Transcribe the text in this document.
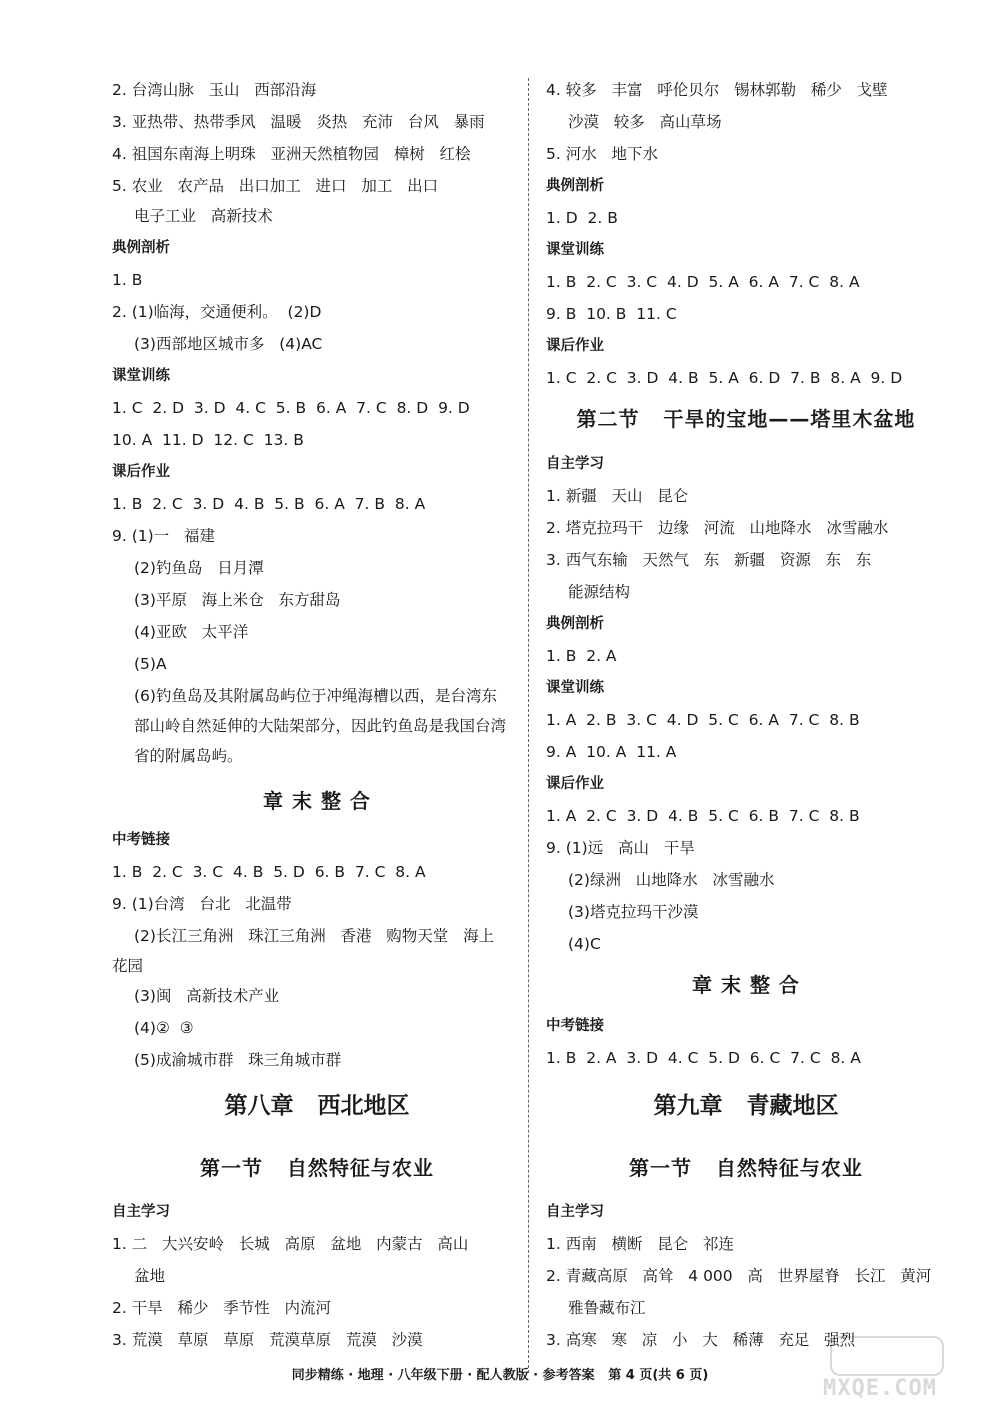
2. 台湾山脉   玉山   西部沿海
3. 亚热带、热带季风   温暖   炎热   充沛   台风   暴雨
4. 祖国东南海上明珠   亚洲天然植物园   樟树   红桧
5. 农业   农产品   出口加工   进口   加工   出口
电子工业   高新技术
典例剖析
1. B
2. (1)临海，交通便利。  (2)D
(3)西部地区城市多   (4)AC
课堂训练
1. C  2. D  3. D  4. C  5. B  6. A  7. C  8. D  9. D
10. A  11. D  12. C  13. B
课后作业
1. B  2. C  3. D  4. B  5. B  6. A  7. B  8. A
9. (1)一   福建
(2)钓鱼岛   日月潭
(3)平原   海上米仓   东方甜岛
(4)亚欧   太平洋
(5)A
(6)钓鱼岛及其附属岛屿位于冲绳海槽以西，是台湾东
部山岭自然延伸的大陆架部分，因此钓鱼岛是我国台湾
省的附属岛屿。
章 末 整 合
中考链接
1. B  2. C  3. C  4. B  5. D  6. B  7. C  8. A
9. (1)台湾   台北   北温带
(2)长江三角洲   珠江三角洲   香港   购物天堂   海上
花园
(3)闽   高新技术产业
(4)②  ③
(5)成渝城市群   珠三角城市群
第八章   西北地区
第一节   自然特征与农业
自主学习
1. 二   大兴安岭   长城   高原   盆地   内蒙古   高山
盆地
2. 干旱   稀少   季节性   内流河
3. 荒漠   草原   草原   荒漠草原   荒漠   沙漠
4. 较多   丰富   呼伦贝尔   锡林郭勒   稀少   戈壁
沙漠   较多   高山草场
5. 河水   地下水
典例剖析
1. D  2. B
课堂训练
1. B  2. C  3. C  4. D  5. A  6. A  7. C  8. A
9. B  10. B  11. C
课后作业
1. C  2. C  3. D  4. B  5. A  6. D  7. B  8. A  9. D
第二节   干旱的宝地——塔里木盆地
自主学习
1. 新疆   天山   昆仑
2. 塔克拉玛干   边缘   河流   山地降水   冰雪融水
3. 西气东输   天然气   东   新疆   资源   东   东
能源结构
典例剖析
1. B  2. A
课堂训练
1. A  2. B  3. C  4. D  5. C  6. A  7. C  8. B
9. A  10. A  11. A
课后作业
1. A  2. C  3. D  4. B  5. C  6. B  7. C  8. B
9. (1)远   高山   干旱
(2)绿洲   山地降水   冰雪融水
(3)塔克拉玛干沙漠
(4)C
章 末 整 合
中考链接
1. B  2. A  3. D  4. C  5. D  6. C  7. C  8. A
第九章   青藏地区
第一节   自然特征与农业
自主学习
1. 西南   横断   昆仑   祁连
2. 青藏高原   高耸   4 000   高   世界屋脊   长江   黄河
雅鲁藏布江
3. 高寒   寒   凉   小   大   稀薄   充足   强烈
同步精练 · 地理 · 八年级下册 · 配人教版 · 参考答案   第 4 页(共 6 页)
MXQE.COM
